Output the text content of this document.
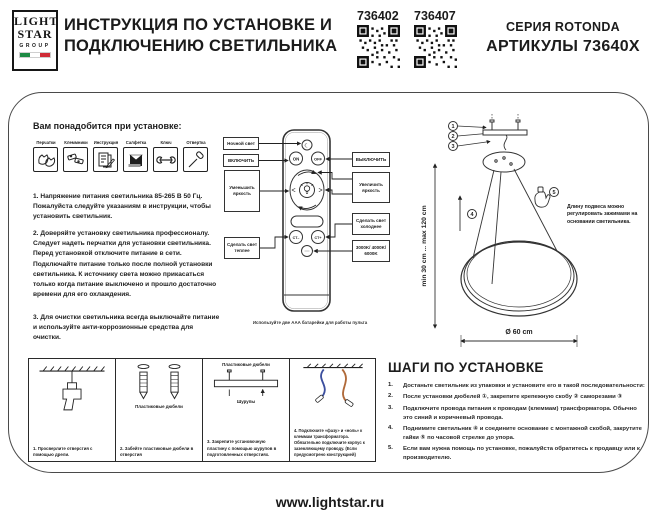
LIGHT
STAR
GROUP
ИНСТРУКЦИЯ ПО УСТАНОВКЕ И ПОДКЛЮЧЕНИЮ СВЕТИЛЬНИКА
736402 736407
СЕРИЯ ROTONDA
АРТИКУЛЫ 73640X
Вам понадобится при установке:
Перчатки	Клеммники	Инструкция	Салфетка	Ключ	Отвертка
1. Напряжение питания светильника 85-265 В 50 Гц. Пожалуйста следуйте указаниям в инструкции, чтобы установить светильник.
2. Доверяйте установку светильника профессионалу. Следует надеть перчатки для установки светильника. Перед установкой отключите питание в сети. Подключайте питание только после полной установки светильника. К источнику света можно прикасаться только когда питание выключено и прошло достаточно времени для его охлаждения.
3. Для очистки светильника всегда выключайте питание и используйте анти-коррозионные средства для очистки.
☾
ON	OFF
<	>
CT–	CT+
Ночной свет
ВКЛЮЧИТЬ
Уменьшить яркость
Сделать свет теплее
ВЫКЛЮЧИТЬ
Увеличить яркость
Сделать свет холоднее
3000K/ 4000K/ 6000K
Используйте две AAA батарейки для работы пульта
1
2
3
4
5
min 30 cm ... max 120 cm
Ø 60 cm
Длину подвеса можно регулировать зажимами на основании светильника.
1. Просверлите отверстия с помощью дрели.
Пластиковые дюбели
2. Забейте пластиковые дюбели в отверстия
Пластиковые дюбели
Шурупы
3. Закрепите установочную пластину с помощью шурупов в подготовленных отверстиях.
4. Подключите «фазу» и «ноль» к клеммам трансформатора. Обязательно подключите корпус к заземляющему проводу. (Если предусмотрено конструкцией)
ШАГИ ПО УСТАНОВКЕ
1.	Достаньте светильник из упаковки и установите его в такой последовательности:
2.	После установки дюбелей ①, закрепите крепежную скобу ② саморезами ③
3.	Подключите провода питания к проводам (клеммам) трансформатора. Обычно это синий и коричневый провода.
4.	Поднимите светильник ④ и соедините основание с монтажной скобой, закрутите гайки ⑤ по часовой стрелке до упора.
5.	Если вам нужна помощь по установке, пожалуйста обратитесь к продавцу или к производителю.
www.lightstar.ru
